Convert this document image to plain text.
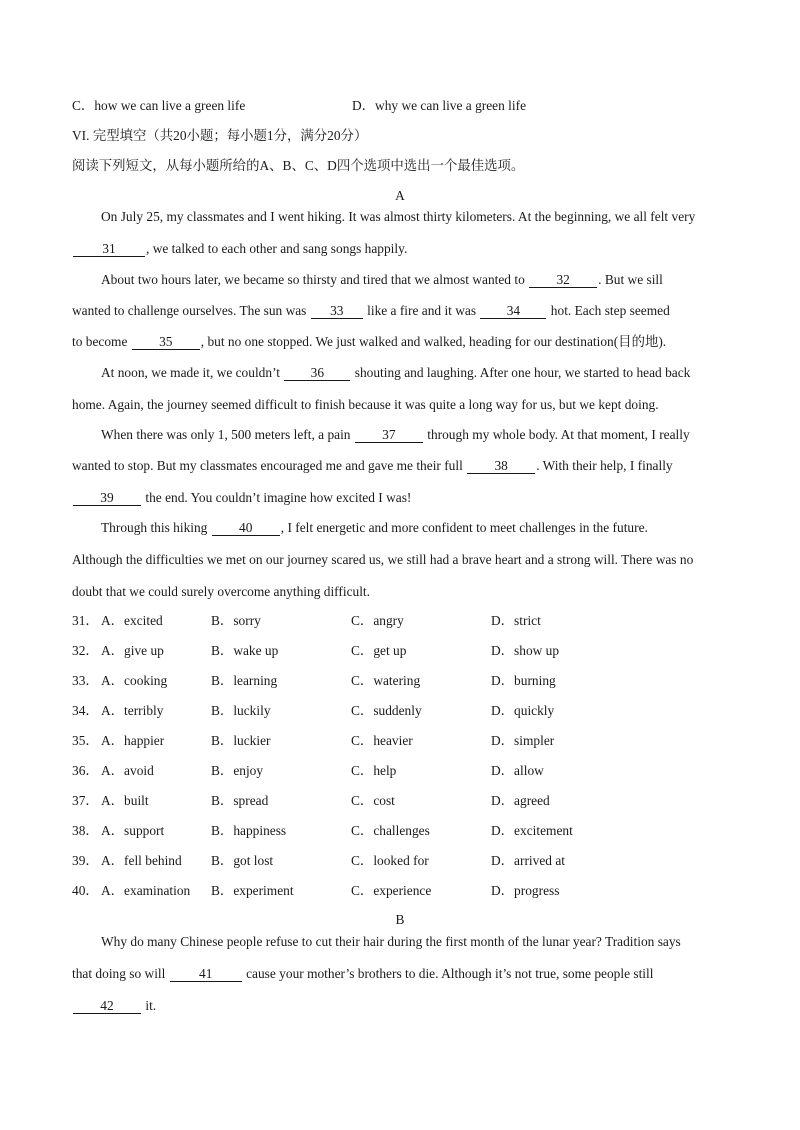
C．how we can live a green life	D．why we can live a green life
VI. 完型填空（共20小题；每小题1分，满分20分）
阅读下列短文，从每小题所给的A、B、C、D四个选项中选出一个最佳选项。
A
On July 25, my classmates and I went hiking. It was almost thirty kilometers. At the beginning, we all felt very
31 , we talked to each other and sang songs happily.
About two hours later, we became so thirsty and tired that we almost wanted to 32 . But we sill
wanted to challenge ourselves. The sun was 33 like a fire and it was 34 hot. Each step seemed
to become 35 , but no one stopped. We just walked and walked, heading for our destination(目的地).
At noon, we made it, we couldn’t 36 shouting and laughing. After one hour, we started to head back
home. Again, the journey seemed difficult to finish because it was quite a long way for us, but we kept doing.
When there was only 1, 500 meters left, a pain 37 through my whole body. At that moment, I really
wanted to stop. But my classmates encouraged me and gave me their full 38 . With their help, I finally
39 the end. You couldn’t imagine how excited I was!
Through this hiking 40 , I felt energetic and more confident to meet challenges in the future.
Although the difficulties we met on our journey scared us, we still had a brave heart and a strong will. There was no
doubt that we could surely overcome anything difficult.
31． A．excited	B．sorry	C．angry	D．strict
32． A．give up	B．wake up	C．get up	D．show up
33． A．cooking	B．learning	C．watering	D．burning
34． A．terribly	B．luckily	C．suddenly	D．quickly
35． A．happier	B．luckier	C．heavier	D．simpler
36． A．avoid	B．enjoy	C．help	D．allow
37． A．built	B．spread	C．cost	D．agreed
38． A．support	B．happiness	C．challenges	D．excitement
39． A．fell behind B．got lost	C．looked for	D．arrived at
40． A．examination B．experiment	C．experience	D．progress
B
Why do many Chinese people refuse to cut their hair during the first month of the lunar year? Tradition says
that doing so will	41	cause your mother’s brothers to die. Although it’s not true, some people still
42 it.
